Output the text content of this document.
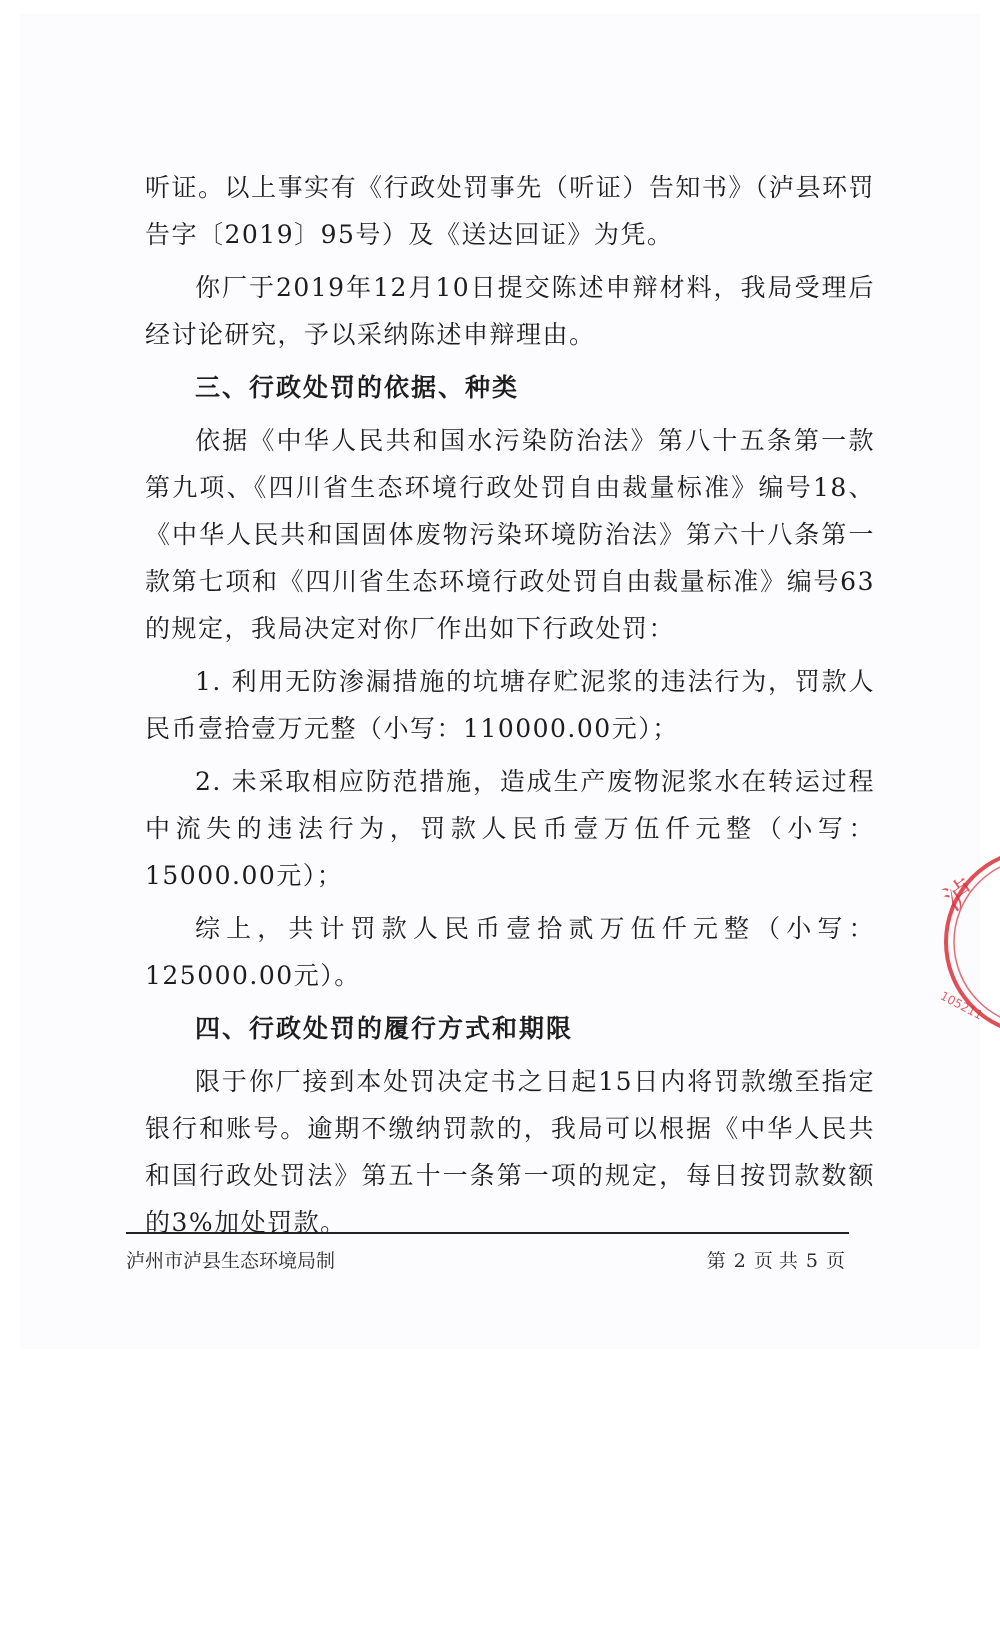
听证。以上事实有《行政处罚事先（听证）告知书》（泸县环罚告字〔2019〕95号）及《送达回证》为凭。

你厂于2019年12月10日提交陈述申辩材料，我局受理后经讨论研究，予以采纳陈述申辩理由。

三、行政处罚的依据、种类

依据《中华人民共和国水污染防治法》第八十五条第一款第九项、《四川省生态环境行政处罚自由裁量标准》编号18、《中华人民共和国固体废物污染环境防治法》第六十八条第一款第七项和《四川省生态环境行政处罚自由裁量标准》编号63的规定，我局决定对你厂作出如下行政处罚：

1. 利用无防渗漏措施的坑塘存贮泥浆的违法行为，罚款人民币壹拾壹万元整（小写：110000.00元）；

2. 未采取相应防范措施，造成生产废物泥浆水在转运过程中流失的违法行为，罚款人民币壹万伍仟元整（小写：15000.00元）；

综上，共计罚款人民币壹拾贰万伍仟元整（小写：125000.00元）。

四、行政处罚的履行方式和期限

限于你厂接到本处罚决定书之日起15日内将罚款缴至指定银行和账号。逾期不缴纳罚款的，我局可以根据《中华人民共和国行政处罚法》第五十一条第一项的规定，每日按罚款数额的3%加处罚款。

泸州市泸县生态环境局制	第 2 页 共 5 页
泸
105211
